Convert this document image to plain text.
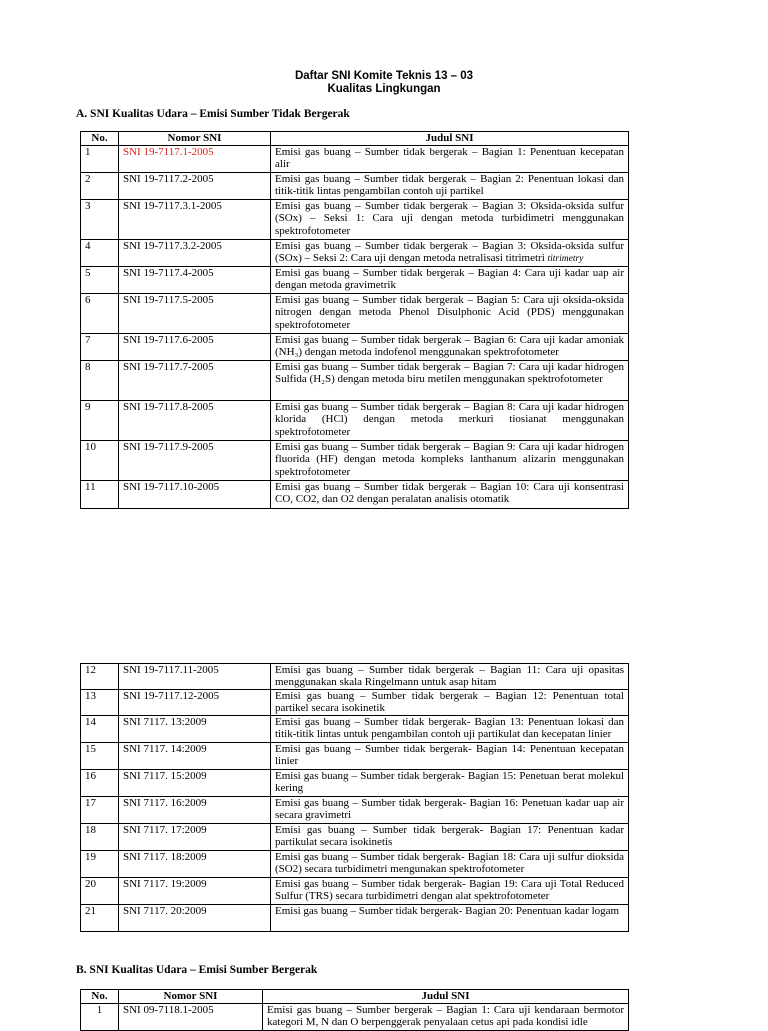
Daftar SNI Komite Teknis 13 – 03
Kualitas Lingkungan
A. SNI Kualitas Udara – Emisi Sumber Tidak Bergerak
No.	Nomor SNI	Judul SNI
1	SNI 19-7117.1-2005	Emisi gas buang – Sumber tidak bergerak – Bagian 1: Penentuan kecepatan alir
2	SNI 19-7117.2-2005	Emisi gas buang – Sumber tidak bergerak – Bagian 2: Penentuan lokasi dan titik-titik lintas pengambilan contoh uji partikel
3	SNI 19-7117.3.1-2005	Emisi gas buang – Sumber tidak bergerak – Bagian 3: Oksida-oksida sulfur (SOx) – Seksi 1: Cara uji dengan metoda turbidimetri menggunakan spektrofotometer
4	SNI 19-7117.3.2-2005	Emisi gas buang – Sumber tidak bergerak – Bagian 3: Oksida-oksida sulfur (SOx) – Seksi 2: Cara uji dengan metoda netralisasi titrimetri titrimetry
5	SNI 19-7117.4-2005	Emisi gas buang – Sumber tidak bergerak – Bagian 4: Cara uji kadar uap air dengan metoda gravimetrik
6	SNI 19-7117.5-2005	Emisi gas buang – Sumber tidak bergerak – Bagian 5: Cara uji oksida-oksida nitrogen dengan metoda Phenol Disulphonic Acid (PDS) menggunakan spektrofotometer
7	SNI 19-7117.6-2005	Emisi gas buang – Sumber tidak bergerak – Bagian 6: Cara uji kadar amoniak (NH₃) dengan metoda indofenol menggunakan spektrofotometer
8	SNI 19-7117.7-2005	Emisi gas buang – Sumber tidak bergerak – Bagian 7: Cara uji kadar hidrogen Sulfida (H₂S) dengan metoda biru metilen menggunakan spektrofotometer
9	SNI 19-7117.8-2005	Emisi gas buang – Sumber tidak bergerak – Bagian 8: Cara uji kadar hidrogen klorida (HCl) dengan metoda merkuri tiosianat menggunakan spektrofotometer
10	SNI 19-7117.9-2005	Emisi gas buang – Sumber tidak bergerak – Bagian 9: Cara uji kadar hidrogen fluorida (HF) dengan metoda kompleks lanthanum alizarin menggunakan spektrofotometer
11	SNI 19-7117.10-2005	Emisi gas buang – Sumber tidak bergerak – Bagian 10: Cara uji konsentrasi CO, CO2, dan O2 dengan peralatan analisis otomatik
12	SNI 19-7117.11-2005	Emisi gas buang – Sumber tidak bergerak – Bagian 11: Cara uji opasitas menggunakan skala Ringelmann untuk asap hitam
13	SNI 19-7117.12-2005	Emisi gas buang – Sumber tidak bergerak – Bagian 12: Penentuan total partikel secara isokinetik
14	SNI 7117. 13:2009	Emisi gas buang – Sumber tidak bergerak- Bagian 13: Penentuan lokasi dan titik-titik lintas untuk pengambilan contoh uji partikulat dan kecepatan linier
15	SNI 7117. 14:2009	Emisi gas buang – Sumber tidak bergerak- Bagian 14: Penentuan kecepatan linier
16	SNI 7117. 15:2009	Emisi gas buang – Sumber tidak bergerak- Bagian 15: Penetuan berat molekul kering
17	SNI 7117. 16:2009	Emisi gas buang – Sumber tidak bergerak- Bagian 16: Penetuan kadar uap air secara gravimetri
18	SNI 7117. 17:2009	Emisi gas buang – Sumber tidak bergerak- Bagian 17: Penentuan kadar partikulat secara isokinetis
19	SNI 7117. 18:2009	Emisi gas buang – Sumber tidak bergerak- Bagian 18: Cara uji sulfur dioksida (SO2) secara turbidimetri mengunakan spektrofotometer
20	SNI 7117. 19:2009	Emisi gas buang – Sumber tidak bergerak- Bagian 19: Cara uji Total Reduced Sulfur (TRS) secara turbidimetri dengan alat spektrofotometer
21	SNI 7117. 20:2009	Emisi gas buang – Sumber tidak bergerak- Bagian 20: Penentuan kadar logam
B. SNI Kualitas Udara – Emisi Sumber Bergerak
No.	Nomor SNI	Judul SNI
1	SNI 09-7118.1-2005	Emisi gas buang – Sumber bergerak – Bagian 1: Cara uji kendaraan bermotor kategori M, N dan O berpenggerak penyalaan cetus api pada kondisi idle
